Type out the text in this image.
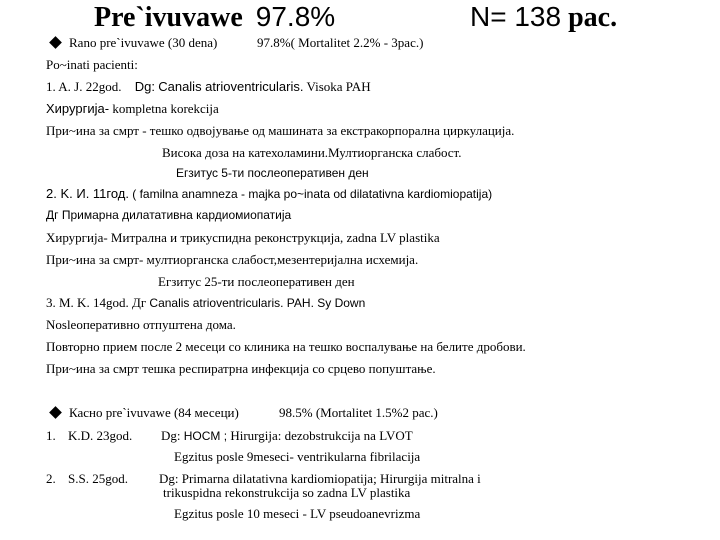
Pre`ivuvawe 97.8%	N= 138 pac.
Rano pre`ivuvawe (30 dena)	97.8%( Mortalitet 2.2% - 3pac.)
Po~inati pacienti:
1. A. J. 22god. Dg: Canalis atrioventricularis. Visoka PAH
Хирургија- kompletna korekcija
При~ина за смрт - тешко одвојување од машината за екстракорпорална циркулација.
Висока доза на катехоламини.Мултиорганска слабост.
Егзитус 5-ти послеоперативен ден
2. K. И. 11год. ( familna anamneza - majka po~inata od dilatativna kardiomiopatija)
Дг Примарна дилатативна кардиомиопатија
Хирургија- Митрална и трикуспидна реконструкција, zadna LV plastika
При~ина за смрт- мултиорганска слабост,мезентеријална исхемија.
Егзитус 25-ти послеоперативен ден
3. M. K. 14god. Дг Canalis atrioventricularis. PAH. Sy Down
Nosleoперативно отпуштена дома.
Повторно прием после 2 месеци со клиника на тешко воспалување на белите дробови.
При~ина за смрт тешка респиратрна инфекција со срцево попуштање.
Касно pre`ivuvawe (84 месеци)	98.5% (Mortalitet 1.5%2 pac.)
1. K.D. 23god. Dg: HOCM ; Hirurgija: dezobstrukcija na LVOT
Egzitus posle 9meseci- ventrikularna fibrilacija
2. S.S. 25god. Dg: Primarna dilatativna kardiomiopatija; Hirurgija mitralna i
trikuspidna rekonstrukcija so zadna LV plastika
Egzitus posle 10 meseci - LV pseudoanevrizma
